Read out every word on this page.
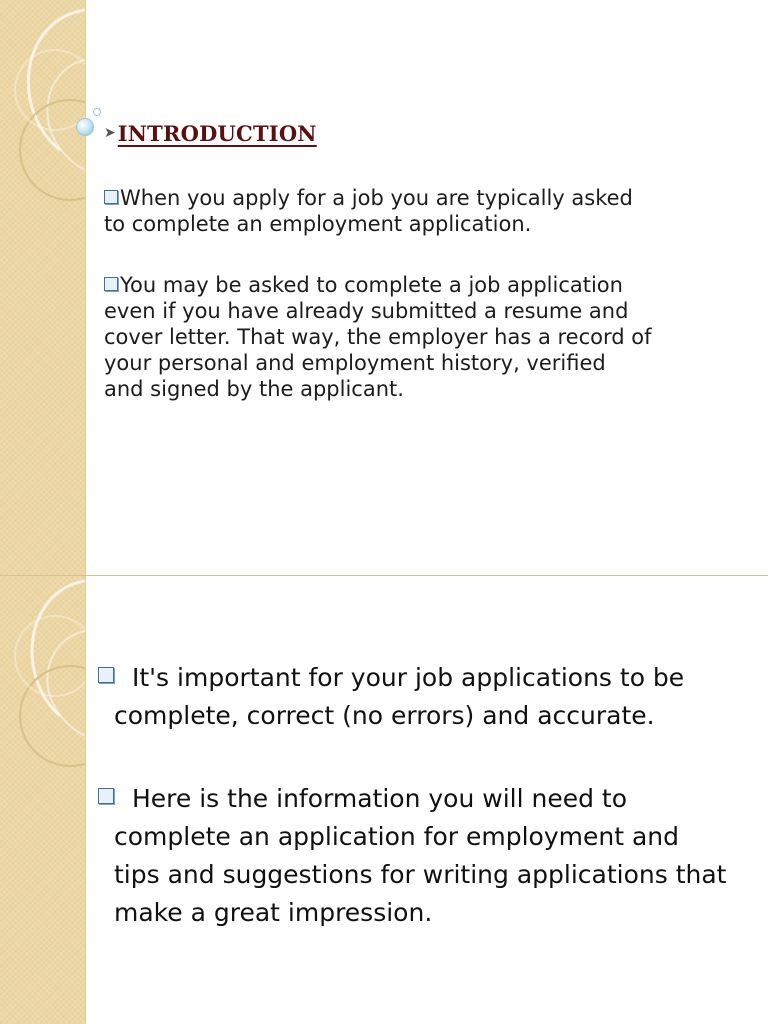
➤ INTRODUCTION
When you apply for a job you are typically asked
to complete an employment application.
You may be asked to complete a job application
even if you have already submitted a resume and
cover letter. That way, the employer has a record of
your personal and employment history, verified
and signed by the applicant.
It's important for your job applications to be
complete, correct (no errors) and accurate.
Here is the information you will need to
complete an application for employment and
tips and suggestions for writing applications that
make a great impression.
